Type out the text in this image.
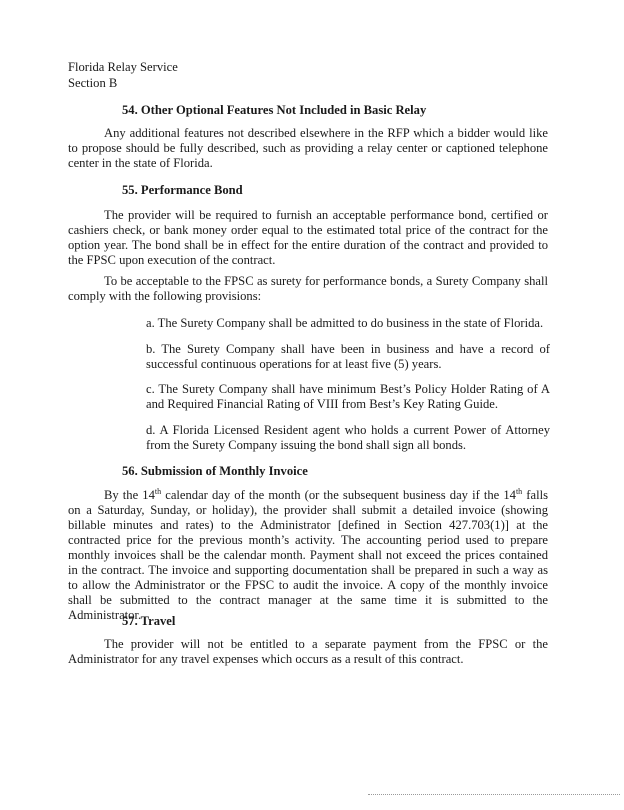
Florida Relay Service
Section B
54. Other Optional Features Not Included in Basic Relay
Any additional features not described elsewhere in the RFP which a bidder would like to propose should be fully described, such as providing a relay center or captioned telephone center in the state of Florida.
55. Performance Bond
The provider will be required to furnish an acceptable performance bond, certified or cashiers check, or bank money order equal to the estimated total price of the contract for the option year. The bond shall be in effect for the entire duration of the contract and provided to the FPSC upon execution of the contract.
To be acceptable to the FPSC as surety for performance bonds, a Surety Company shall comply with the following provisions:
a. The Surety Company shall be admitted to do business in the state of Florida.
b. The Surety Company shall have been in business and have a record of successful continuous operations for at least five (5) years.
c. The Surety Company shall have minimum Best’s Policy Holder Rating of A and Required Financial Rating of VIII from Best’s Key Rating Guide.
d. A Florida Licensed Resident agent who holds a current Power of Attorney from the Surety Company issuing the bond shall sign all bonds.
56. Submission of Monthly Invoice
By the 14th calendar day of the month (or the subsequent business day if the 14th falls on a Saturday, Sunday, or holiday), the provider shall submit a detailed invoice (showing billable minutes and rates) to the Administrator [defined in Section 427.703(1)] at the contracted price for the previous month’s activity. The accounting period used to prepare monthly invoices shall be the calendar month. Payment shall not exceed the prices contained in the contract. The invoice and supporting documentation shall be prepared in such a way as to allow the Administrator or the FPSC to audit the invoice. A copy of the monthly invoice shall be submitted to the contract manager at the same time it is submitted to the Administrator.
57. Travel
The provider will not be entitled to a separate payment from the FPSC or the Administrator for any travel expenses which occurs as a result of this contract.
